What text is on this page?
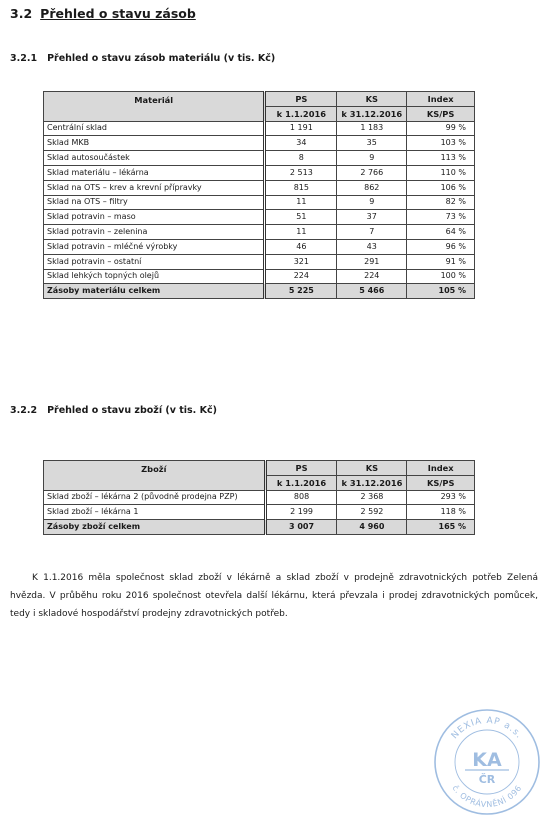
3.2 Přehled o stavu zásob
3.2.1 Přehled o stavu zásob materiálu (v tis. Kč)
Materiál	PS	KS	Index
	k 1.1.2016	k 31.12.2016	KS/PS
Centrální sklad	1 191	1 183	99 %
Sklad MKB	34	35	103 %
Sklad autosoučástek	8	9	113 %
Sklad materiálu – lékárna	2 513	2 766	110 %
Sklad na OTS – krev a krevní přípravky	815	862	106 %
Sklad na OTS – filtry	11	9	82 %
Sklad potravin – maso	51	37	73 %
Sklad potravin – zelenina	11	7	64 %
Sklad potravin – mléčné výrobky	46	43	96 %
Sklad potravin – ostatní	321	291	91 %
Sklad lehkých topných olejů	224	224	100 %
Zásoby materiálu celkem	5 225	5 466	105 %
3.2.2 Přehled o stavu zboží (v tis. Kč)
Zboží	PS	KS	Index
	k 1.1.2016	k 31.12.2016	KS/PS
Sklad zboží – lékárna 2 (původně prodejna PZP)	808	2 368	293 %
Sklad zboží – lékárna 1	2 199	2 592	118 %
Zásoby zboží celkem	3 007	4 960	165 %

K 1.1.2016 měla společnost sklad zboží v lékárně a sklad zboží v prodejně zdravotnických potřeb Zelená hvězda. V průběhu roku 2016 společnost otevřela další lékárnu, která převzala i prodej zdravotnických pomůcek, tedy i skladové hospodářství prodejny zdravotnických potřeb.

NEXIA AP a.s.
č. OPRÁVNĚNÍ 096
KA
ČR
